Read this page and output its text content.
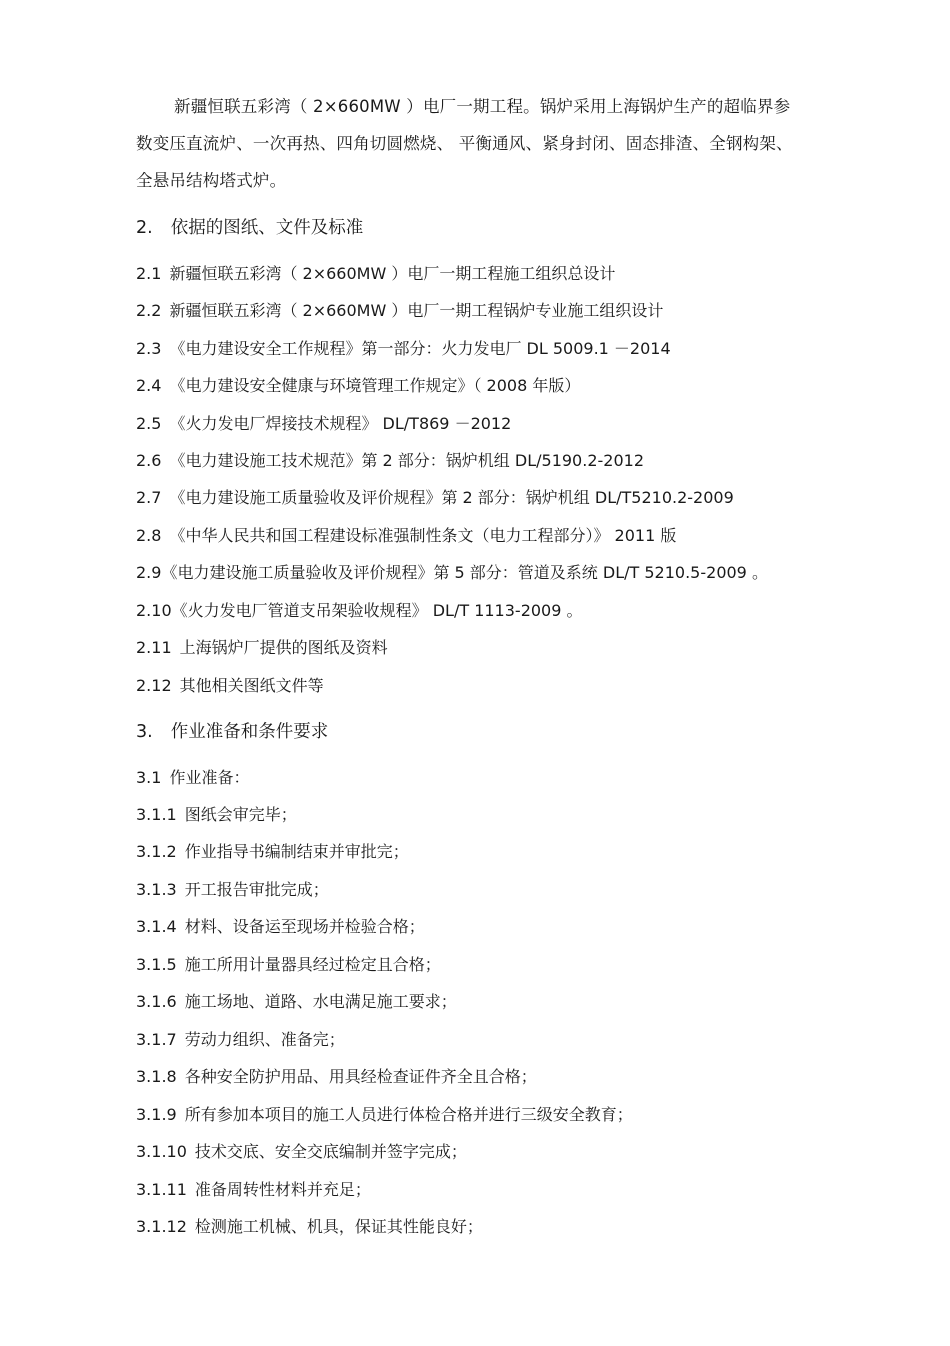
新疆恒联五彩湾（ 2×660MW ）电厂一期工程。锅炉采用上海锅炉生产的超临界参
数变压直流炉、一次再热、四角切圆燃烧、 平衡通风、紧身封闭、固态排渣、全钢构架、
全悬吊结构塔式炉。
2. 依据的图纸、文件及标准
2.1 新疆恒联五彩湾（ 2×660MW ）电厂一期工程施工组织总设计
2.2 新疆恒联五彩湾（ 2×660MW ）电厂一期工程锅炉专业施工组织设计
2.3 《电力建设安全工作规程》第一部分：火力发电厂 DL 5009.1 －2014
2.4 《电力建设安全健康与环境管理工作规定》（ 2008 年版）
2.5 《火力发电厂焊接技术规程》 DL/T869 －2012
2.6 《电力建设施工技术规范》第 2 部分：锅炉机组 DL/5190.2-2012
2.7 《电力建设施工质量验收及评价规程》第 2 部分：锅炉机组 DL/T5210.2-2009
2.8 《中华人民共和国工程建设标准强制性条文（电力工程部分）》 2011 版
2.9《电力建设施工质量验收及评价规程》第 5 部分：管道及系统 DL/T 5210.5-2009 。
2.10《火力发电厂管道支吊架验收规程》 DL/T 1113-2009 。
2.11 上海锅炉厂提供的图纸及资料
2.12 其他相关图纸文件等
3. 作业准备和条件要求
3.1 作业准备：
3.1.1 图纸会审完毕；
3.1.2 作业指导书编制结束并审批完；
3.1.3 开工报告审批完成；
3.1.4 材料、设备运至现场并检验合格；
3.1.5 施工所用计量器具经过检定且合格；
3.1.6 施工场地、道路、水电满足施工要求；
3.1.7 劳动力组织、准备完；
3.1.8 各种安全防护用品、用具经检查证件齐全且合格；
3.1.9 所有参加本项目的施工人员进行体检合格并进行三级安全教育；
3.1.10 技术交底、安全交底编制并签字完成；
3.1.11 准备周转性材料并充足；
3.1.12 检测施工机械、机具，保证其性能良好；
